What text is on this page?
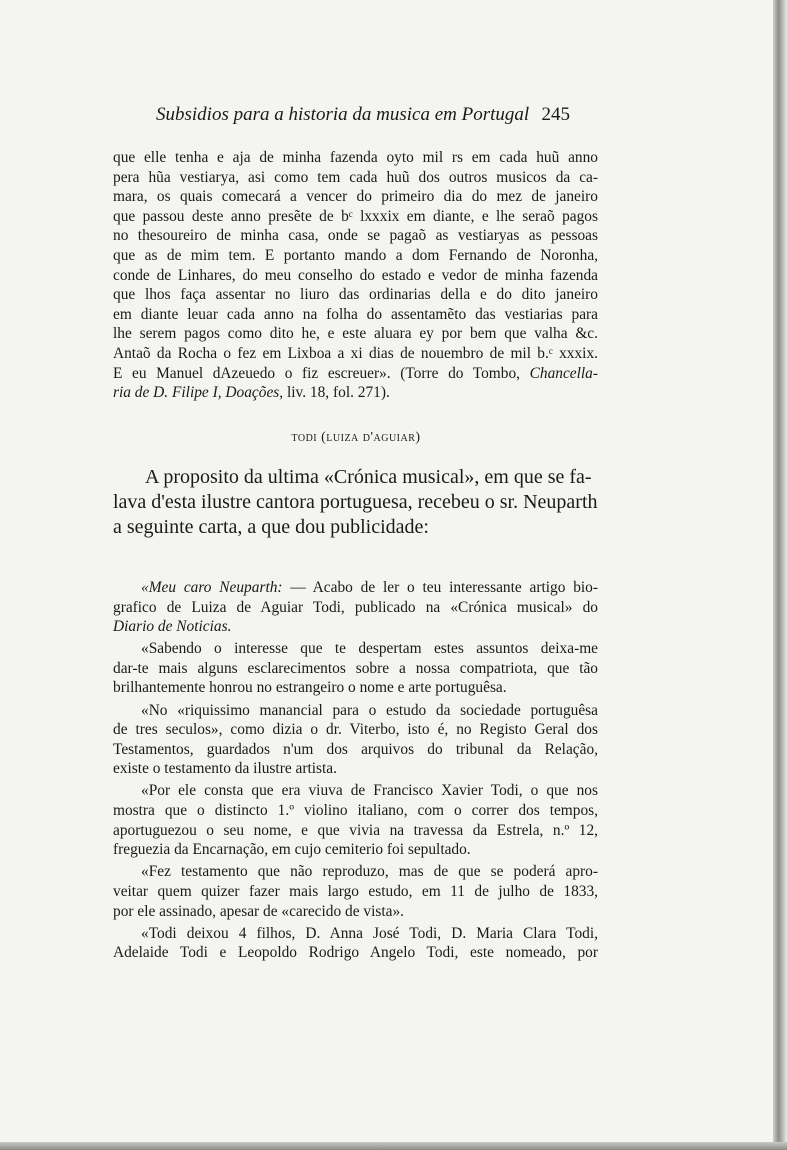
Subsidios para a historia da musica em Portugal 245
que elle tenha e aja de minha fazenda oyto mil rs em cada huũ anno
pera hũa vestiarya, asi como tem cada huũ dos outros musicos da ca-
mara, os quais comecará a vencer do primeiro dia do mez de janeiro
que passou deste anno presẽte de bᶜ lxxxix em diante, e lhe seraõ pagos
no thesoureiro de minha casa, onde se pagaõ as vestiaryas as pessoas
que as de mim tem. E portanto mando a dom Fernando de Noronha,
conde de Linhares, do meu conselho do estado e vedor de minha fazenda
que lhos faça assentar no liuro das ordinarias della e do dito janeiro
em diante leuar cada anno na folha do assentamẽto das vestiarias para
lhe serem pagos como dito he, e este aluara ey por bem que valha &c.
Antaõ da Rocha o fez em Lixboa a xi dias de nouembro de mil b.ᶜ xxxix.
E eu Manuel dAzeuedo o fiz escreuer». (Torre do Tombo, Chancella-
ria de D. Filipe I, Doações, liv. 18, fol. 271).
todi (luiza d'aguiar)
A proposito da ultima «Crónica musical», em que se fa-
lava d'esta ilustre cantora portuguesa, recebeu o sr. Neuparth
a seguinte carta, a que dou publicidade:

«Meu caro Neuparth: — Acabo de ler o teu interessante artigo bio-
grafico de Luiza de Aguiar Todi, publicado na «Crónica musical» do
Diario de Noticias.

«Sabendo o interesse que te despertam estes assuntos deixa-me
dar-te mais alguns esclarecimentos sobre a nossa compatriota, que tão
brilhantemente honrou no estrangeiro o nome e arte portuguêsa.

«No «riquissimo manancial para o estudo da sociedade portuguêsa
de tres seculos», como dizia o dr. Viterbo, isto é, no Registo Geral dos
Testamentos, guardados n'um dos arquivos do tribunal da Relação,
existe o testamento da ilustre artista.

«Por ele consta que era viuva de Francisco Xavier Todi, o que nos
mostra que o distincto 1.º violino italiano, com o correr dos tempos,
aportuguezou o seu nome, e que vivia na travessa da Estrela, n.º 12,
freguezia da Encarnação, em cujo cemiterio foi sepultado.

«Fez testamento que não reproduzo, mas de que se poderá apro-
veitar quem quizer fazer mais largo estudo, em 11 de julho de 1833,
por ele assinado, apesar de «carecido de vista».

«Todi deixou 4 filhos, D. Anna José Todi, D. Maria Clara Todi,
Adelaide Todi e Leopoldo Rodrigo Angelo Todi, este nomeado, por
